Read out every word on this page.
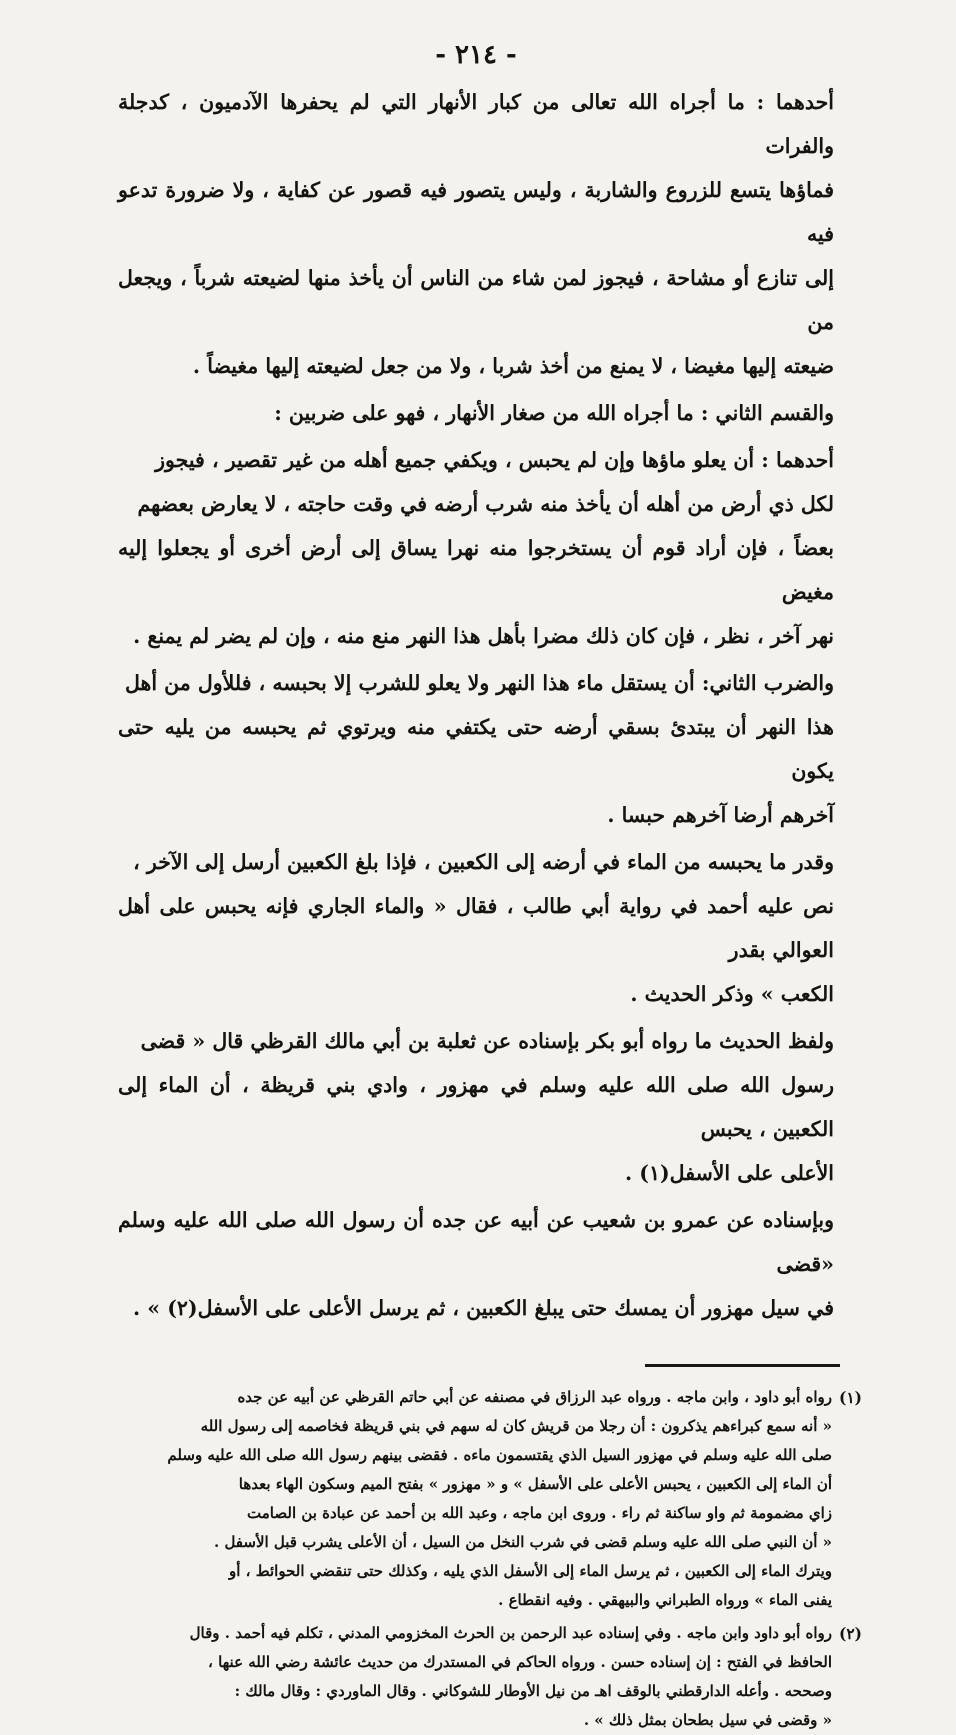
- ٢١٤ -

أحدهما : ما أجراه الله تعالى من كبار الأنهار التي لم يحفرها الآدميون ، كدجلة والفرات

فماؤها يتسع للزروع والشاربة ، وليس يتصور فيه قصور عن كفاية ، ولا ضرورة تدعو فيه

إلى تنازع أو مشاحة ، فيجوز لمن شاء من الناس أن يأخذ منها لضيعته شرباً ، ويجعل من

ضيعته إليها مغيضا ، لا يمنع من أخذ شربا ، ولا من جعل لضيعته إليها مغيضاً .

والقسم الثاني : ما أجراه الله من صغار الأنهار ، فهو على ضربين :

أحدهما : أن يعلو ماؤها وإن لم يحبس ، ويكفي جميع أهله من غير تقصير ، فيجوز

لكل ذي أرض من أهله أن يأخذ منه شرب أرضه في وقت حاجته ، لا يعارض بعضهم

بعضاً ، فإن أراد قوم أن يستخرجوا منه نهرا يساق إلى أرض أخرى أو يجعلوا إليه مغيض

نهر آخر ، نظر ، فإن كان ذلك مضرا بأهل هذا النهر منع منه ، وإن لم يضر لم يمنع .

والضرب الثاني: أن يستقل ماء هذا النهر ولا يعلو للشرب إلا بحبسه ، فللأول من أهل

هذا النهر أن يبتدئ بسقي أرضه حتى يكتفي منه ويرتوي ثم يحبسه من يليه حتى يكون

آخرهم أرضا آخرهم حبسا .

وقدر ما يحبسه من الماء في أرضه إلى الكعبين ، فإذا بلغ الكعبين أرسل إلى الآخر ،

نص عليه أحمد في رواية أبي طالب ، فقال « والماء الجاري فإنه يحبس على أهل العوالي بقدر

الكعب » وذكر الحديث .

ولفظ الحديث ما رواه أبو بكر بإسناده عن ثعلبة بن أبي مالك القرظي قال « قضى

رسول الله صلى الله عليه وسلم في مهزور ، وادي بني قريظة ، أن الماء إلى الكعبين ، يحبس

الأعلى على الأسفل(١) .

وبإسناده عن عمرو بن شعيب عن أبيه عن جده أن رسول الله صلى الله عليه وسلم «قضى

في سيل مهزور أن يمسك حتى يبلغ الكعبين ، ثم يرسل الأعلى على الأسفل(٢) » .

(١)

رواه أبو داود ، وابن ماجه . ورواه عبد الرزاق في مصنفه عن أبي حاتم القرظي عن أبيه عن جده

« أنه سمع كبراءهم يذكرون : أن رجلا من قريش كان له سهم في بني قريظة فخاصمه إلى رسول الله

صلى الله عليه وسلم في مهزور السيل الذي يقتسمون ماءه . فقضى بينهم رسول الله صلى الله عليه وسلم

أن الماء إلى الكعبين ، يحبس الأعلى على الأسفل » و « مهزور » بفتح الميم وسكون الهاء بعدها

زاي مضمومة ثم واو ساكنة ثم راء . وروى ابن ماجه ، وعبد الله بن أحمد عن عبادة بن الصامت

« أن النبي صلى الله عليه وسلم قضى في شرب النخل من السيل ، أن الأعلى يشرب قبل الأسفل .

ويترك الماء إلى الكعبين ، ثم يرسل الماء إلى الأسفل الذي يليه ، وكذلك حتى تنقضي الحوائط ، أو

يفنى الماء » ورواه الطبراني والبيهقي . وفيه انقطاع .

(٢)

رواه أبو داود وابن ماجه . وفي إسناده عبد الرحمن بن الحرث المخزومي المدني ، تكلم فيه أحمد . وقال

الحافظ في الفتح : إن إسناده حسن . ورواه الحاكم في المستدرك من حديث عائشة رضي الله عنها ،

وصححه . وأعله الدارقطني بالوقف اهـ من نيل الأوطار للشوكاني . وقال الماوردي : وقال مالك :

« وقضى في سيل بطحان بمثل ذلك » .
